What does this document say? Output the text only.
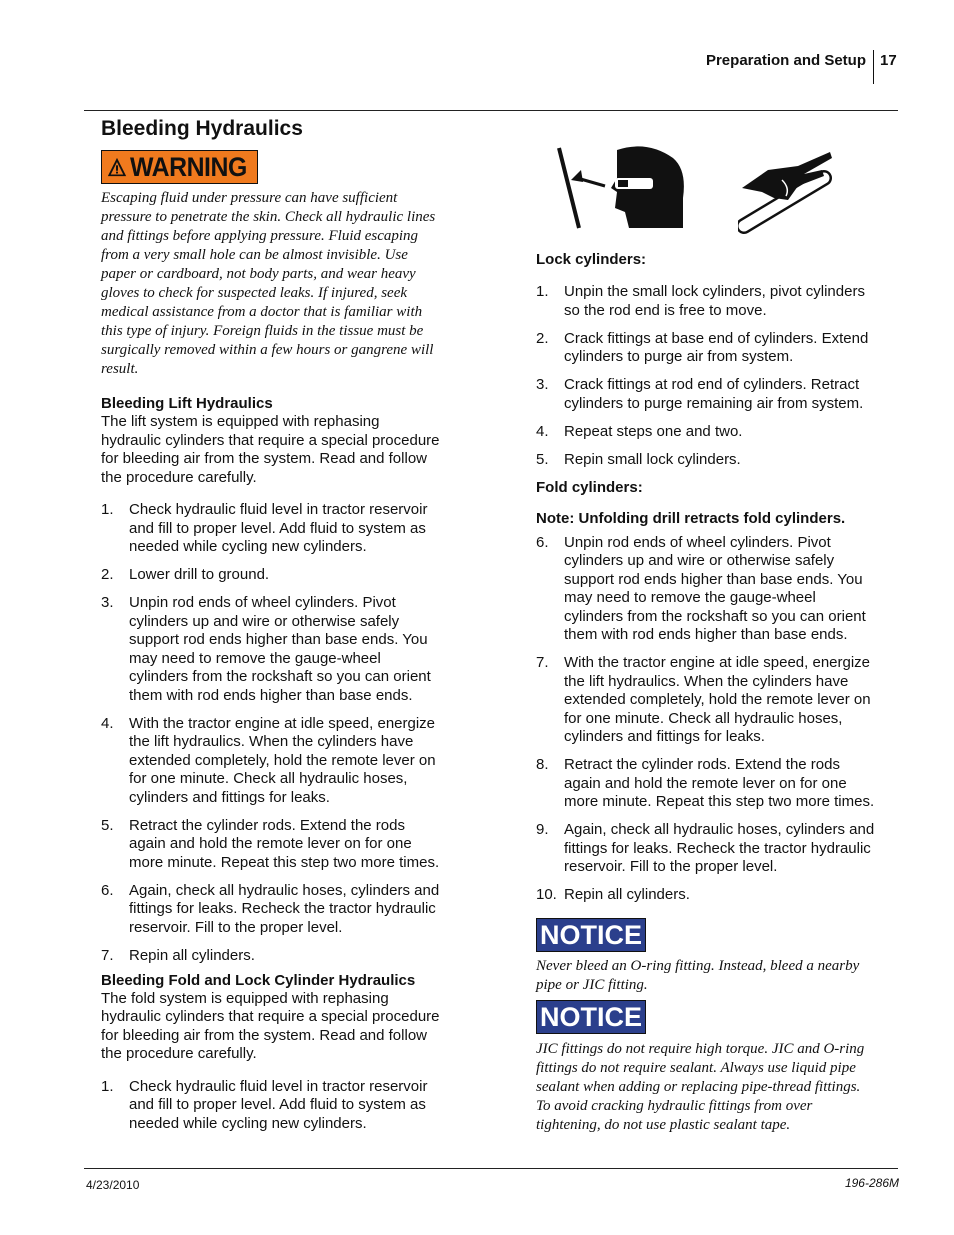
Preparation and Setup 17
Bleeding Hydraulics
WARNING
Escaping fluid under pressure can have sufficient pressure to penetrate the skin. Check all hydraulic lines and fittings before applying pressure. Fluid escaping from a very small hole can be almost invisible. Use paper or cardboard, not body parts, and wear heavy gloves to check for suspected leaks. If injured, seek medical assistance from a doctor that is familiar with this type of injury. Foreign fluids in the tissue must be surgically removed within a few hours or gangrene will result.
Bleeding Lift Hydraulics
The lift system is equipped with rephasing hydraulic cylinders that require a special procedure for bleeding air from the system. Read and follow the procedure carefully.
1. Check hydraulic fluid level in tractor reservoir and fill to proper level. Add fluid to system as needed while cycling new cylinders.
2. Lower drill to ground.
3. Unpin rod ends of wheel cylinders. Pivot cylinders up and wire or otherwise safely support rod ends higher than base ends. You may need to remove the gauge-wheel cylinders from the rockshaft so you can orient them with rod ends higher than base ends.
4. With the tractor engine at idle speed, energize the lift hydraulics. When the cylinders have extended completely, hold the remote lever on for one minute. Check all hydraulic hoses, cylinders and fittings for leaks.
5. Retract the cylinder rods. Extend the rods again and hold the remote lever on for one more minute. Repeat this step two more times.
6. Again, check all hydraulic hoses, cylinders and fittings for leaks. Recheck the tractor hydraulic reservoir. Fill to the proper level.
7. Repin all cylinders.
Bleeding Fold and Lock Cylinder Hydraulics
The fold system is equipped with rephasing hydraulic cylinders that require a special procedure for bleeding air from the system. Read and follow the procedure carefully.
1. Check hydraulic fluid level in tractor reservoir and fill to proper level. Add fluid to system as needed while cycling new cylinders.
Lock cylinders:
1. Unpin the small lock cylinders, pivot cylinders so the rod end is free to move.
2. Crack fittings at base end of cylinders. Extend cylinders to purge air from system.
3. Crack fittings at rod end of cylinders. Retract cylinders to purge remaining air from system.
4. Repeat steps one and two.
5. Repin small lock cylinders.
Fold cylinders:
Note: Unfolding drill retracts fold cylinders.
6. Unpin rod ends of wheel cylinders. Pivot cylinders up and wire or otherwise safely support rod ends higher than base ends. You may need to remove the gauge-wheel cylinders from the rockshaft so you can orient them with rod ends higher than base ends.
7. With the tractor engine at idle speed, energize the lift hydraulics. When the cylinders have extended completely, hold the remote lever on for one minute. Check all hydraulic hoses, cylinders and fittings for leaks.
8. Retract the cylinder rods. Extend the rods again and hold the remote lever on for one more minute. Repeat this step two more times.
9. Again, check all hydraulic hoses, cylinders and fittings for leaks. Recheck the tractor hydraulic reservoir. Fill to the proper level.
10. Repin all cylinders.
NOTICE
Never bleed an O-ring fitting. Instead, bleed a nearby pipe or JIC fitting.
NOTICE
JIC fittings do not require high torque. JIC and O-ring fittings do not require sealant. Always use liquid pipe sealant when adding or replacing pipe-thread fittings. To avoid cracking hydraulic fittings from over tightening, do not use plastic sealant tape.
4/23/2010	196-286M
